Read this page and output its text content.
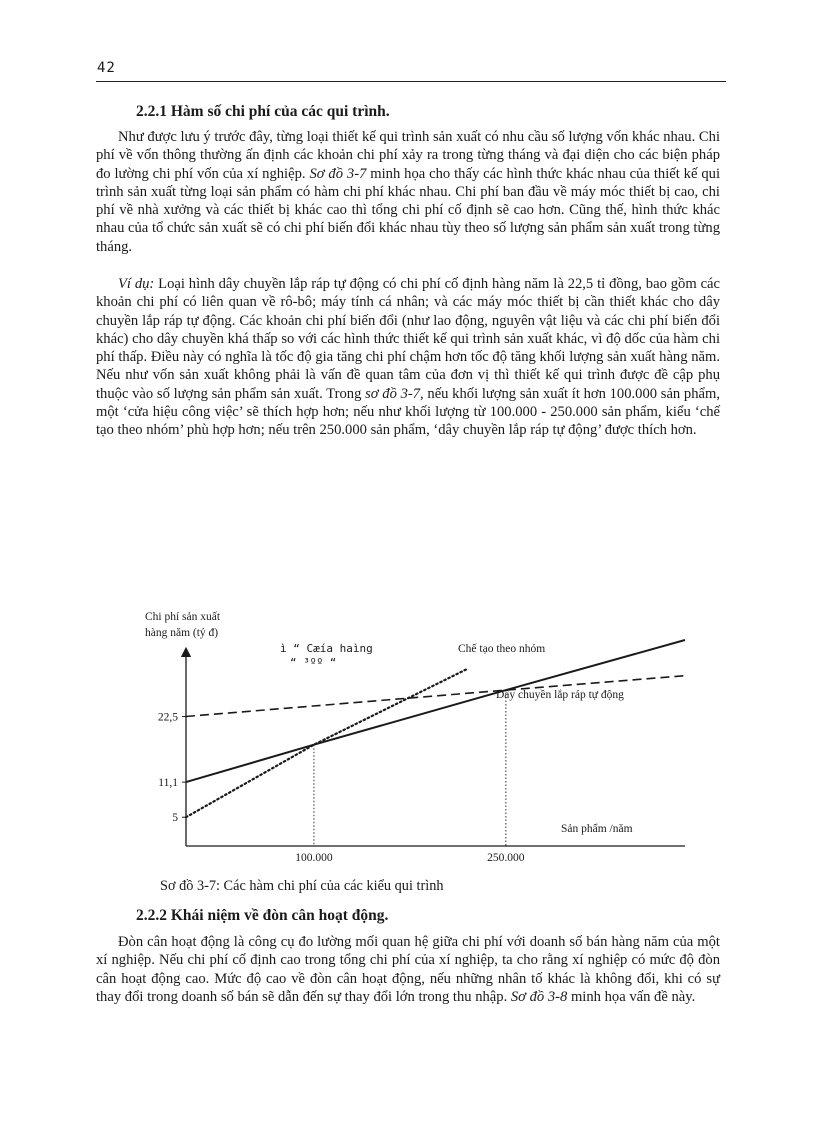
42
2.2.1 Hàm số chi phí của các qui trình.

Như được lưu ý trước đây, từng loại thiết kế qui trình sản xuất có nhu cầu số lượng vốn khác nhau. Chi phí về vốn thông thường ấn định các khoản chi phí xảy ra trong từng tháng và đại diện cho các biện pháp đo lường chi phí vốn của xí nghiệp. Sơ đồ 3-7 minh họa cho thấy các hình thức khác nhau của thiết kế qui trình sản xuất từng loại sản phẩm có hàm chi phí khác nhau. Chi phí ban đầu về máy móc thiết bị cao, chi phí về nhà xưởng và các thiết bị khác cao thì tổng chi phí cố định sẽ cao hơn. Cũng thế, hình thức khác nhau của tổ chức sản xuất sẽ có chi phí biến đổi khác nhau tùy theo số lượng sản phẩm sản xuất trong từng tháng.

Ví dụ: Loại hình dây chuyền lắp ráp tự động có chi phí cố định hàng năm là 22,5 tỉ đồng, bao gồm các khoản chi phí có liên quan về rô-bô; máy tính cá nhân; và các máy móc thiết bị cần thiết khác cho dây chuyền lắp ráp tự động. Các khoản chi phí biến đổi (như lao động, nguyên vật liệu và các chi phí biến đổi khác) cho dây chuyền khá thấp so với các hình thức thiết kế qui trình sản xuất khác, vì độ dốc của hàm chi phí thấp. Điều này có nghĩa là tốc độ gia tăng chi phí chậm hơn tốc độ tăng khối lượng sản xuất hàng năm. Nếu như vốn sản xuất không phải là vấn đề quan tâm của đơn vị thì thiết kế qui trình được đề cập phụ thuộc vào số lượng sản phẩm sản xuất. Trong sơ đồ 3-7, nếu khối lượng sản xuất ít hơn 100.000 sản phẩm, một ‘cửa hiệu công việc’ sẽ thích hợp hơn; nếu như khối lượng từ 100.000 - 250.000 sản phẩm, kiểu ‘chế tạo theo nhóm’ phù hợp hơn; nếu trên 250.000 sản phẩm, ‘dây chuyền lắp ráp tự động’ được thích hơn.

Chi phí sản xuất
hàng năm (tỷ đ)
5
11,1
22,5
100.000	250.000
ì “ Cæía haìng
“ ³ºº “
Chế tạo theo nhóm
Dây chuyền lắp ráp tự động
Sản phẩm /năm
Sơ đồ 3-7: Các hàm chi phí của các kiểu qui trình
2.2.2 Khái niệm về đòn cân hoạt động.

Đòn cân hoạt động là công cụ đo lường mối quan hệ giữa chi phí với doanh số bán hàng năm của một xí nghiệp. Nếu chi phí cố định cao trong tổng chi phí của xí nghiệp, ta cho rằng xí nghiệp có mức độ đòn cân hoạt động cao. Mức độ cao về đòn cân hoạt động, nếu những nhân tố khác là không đổi, khi có sự thay đổi trong doanh số bán sẽ dẫn đến sự thay đổi lớn trong thu nhập. Sơ đồ 3-8 minh họa vấn đề này.
